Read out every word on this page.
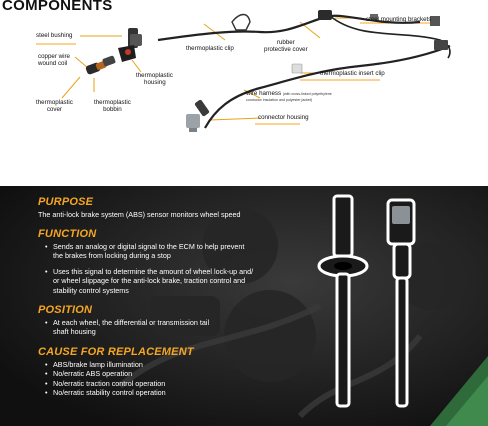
COMPONENTS
steel bushing
copper wire
wound coil
thermoplastic
housing
thermoplastic
cover
thermoplastic
bobbin
thermoplastic clip
rubber
protective cover
steel mounting brackets
thermoplastic insert clip
wire harness (with cross-linked polyethylene
conductor insulation and polyester jacket)
connector housing
PURPOSE
The anti-lock brake system (ABS) sensor monitors wheel speed
FUNCTION
• Sends an analog or digital signal to the ECM to help prevent
the brakes from locking during a stop
• Uses this signal to determine the amount of wheel lock-up and/
or wheel slippage for the anti-lock brake, traction control and
stability control systems
POSITION
• At each wheel, the differential or transmission tail
shaft housing
CAUSE FOR REPLACEMENT
• ABS/brake lamp illumination
• No/erratic ABS operation
• No/erratic traction control operation
• No/erratic stability control operation
